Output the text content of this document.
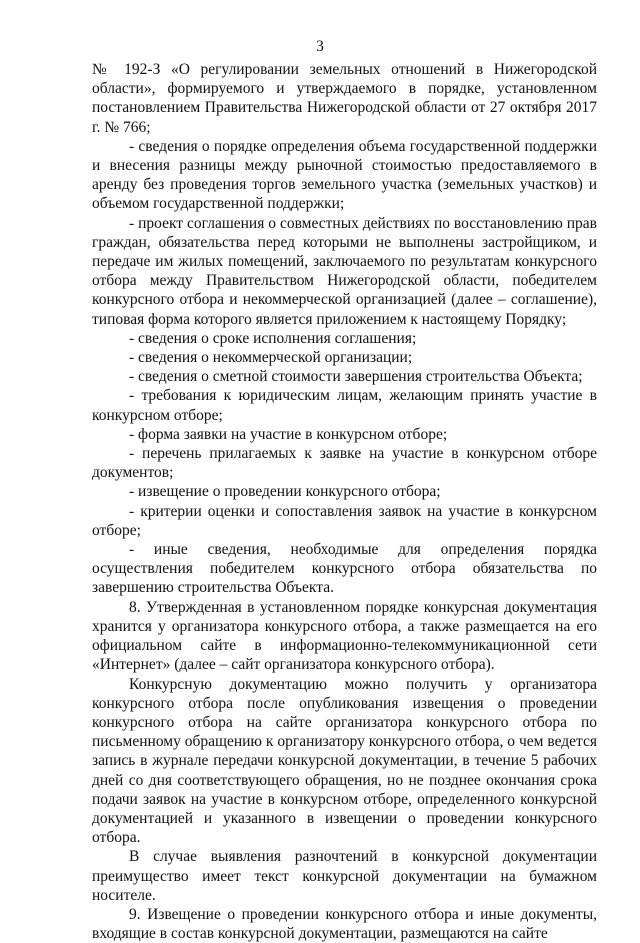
3

№ 192-З «О регулировании земельных отношений в Нижегородской области», формируемого и утверждаемого в порядке, установленном постановлением Правительства Нижегородской области от 27 октября 2017 г. № 766;

- сведения о порядке определения объема государственной поддержки и внесения разницы между рыночной стоимостью предоставляемого в аренду без проведения торгов земельного участка (земельных участков) и объемом государственной поддержки;

- проект соглашения о совместных действиях по восстановлению прав граждан, обязательства перед которыми не выполнены застройщиком, и передаче им жилых помещений, заключаемого по результатам конкурсного отбора между Правительством Нижегородской области, победителем конкурсного отбора и некоммерческой организацией (далее – соглашение), типовая форма которого является приложением к настоящему Порядку;

- сведения о сроке исполнения соглашения;

- сведения о некоммерческой организации;

- сведения о сметной стоимости завершения строительства Объекта;

- требования к юридическим лицам, желающим принять участие в конкурсном отборе;

- форма заявки на участие в конкурсном отборе;

- перечень прилагаемых к заявке на участие в конкурсном отборе документов;

- извещение о проведении конкурсного отбора;

- критерии оценки и сопоставления заявок на участие в конкурсном отборе;

- иные сведения, необходимые для определения порядка осуществления победителем конкурсного отбора обязательства по завершению строительства Объекта.

8. Утвержденная в установленном порядке конкурсная документация хранится у организатора конкурсного отбора, а также размещается на его официальном сайте в информационно-телекоммуникационной сети «Интернет» (далее – сайт организатора конкурсного отбора).

Конкурсную документацию можно получить у организатора конкурсного отбора после опубликования извещения о проведении конкурсного отбора на сайте организатора конкурсного отбора по письменному обращению к организатору конкурсного отбора, о чем ведется запись в журнале передачи конкурсной документации, в течение 5 рабочих дней со дня соответствующего обращения, но не позднее окончания срока подачи заявок на участие в конкурсном отборе, определенного конкурсной документацией и указанного в извещении о проведении конкурсного отбора.

В случае выявления разночтений в конкурсной документации преимущество имеет текст конкурсной документации на бумажном носителе.

9. Извещение о проведении конкурсного отбора и иные документы, входящие в состав конкурсной документации, размещаются на сайте
